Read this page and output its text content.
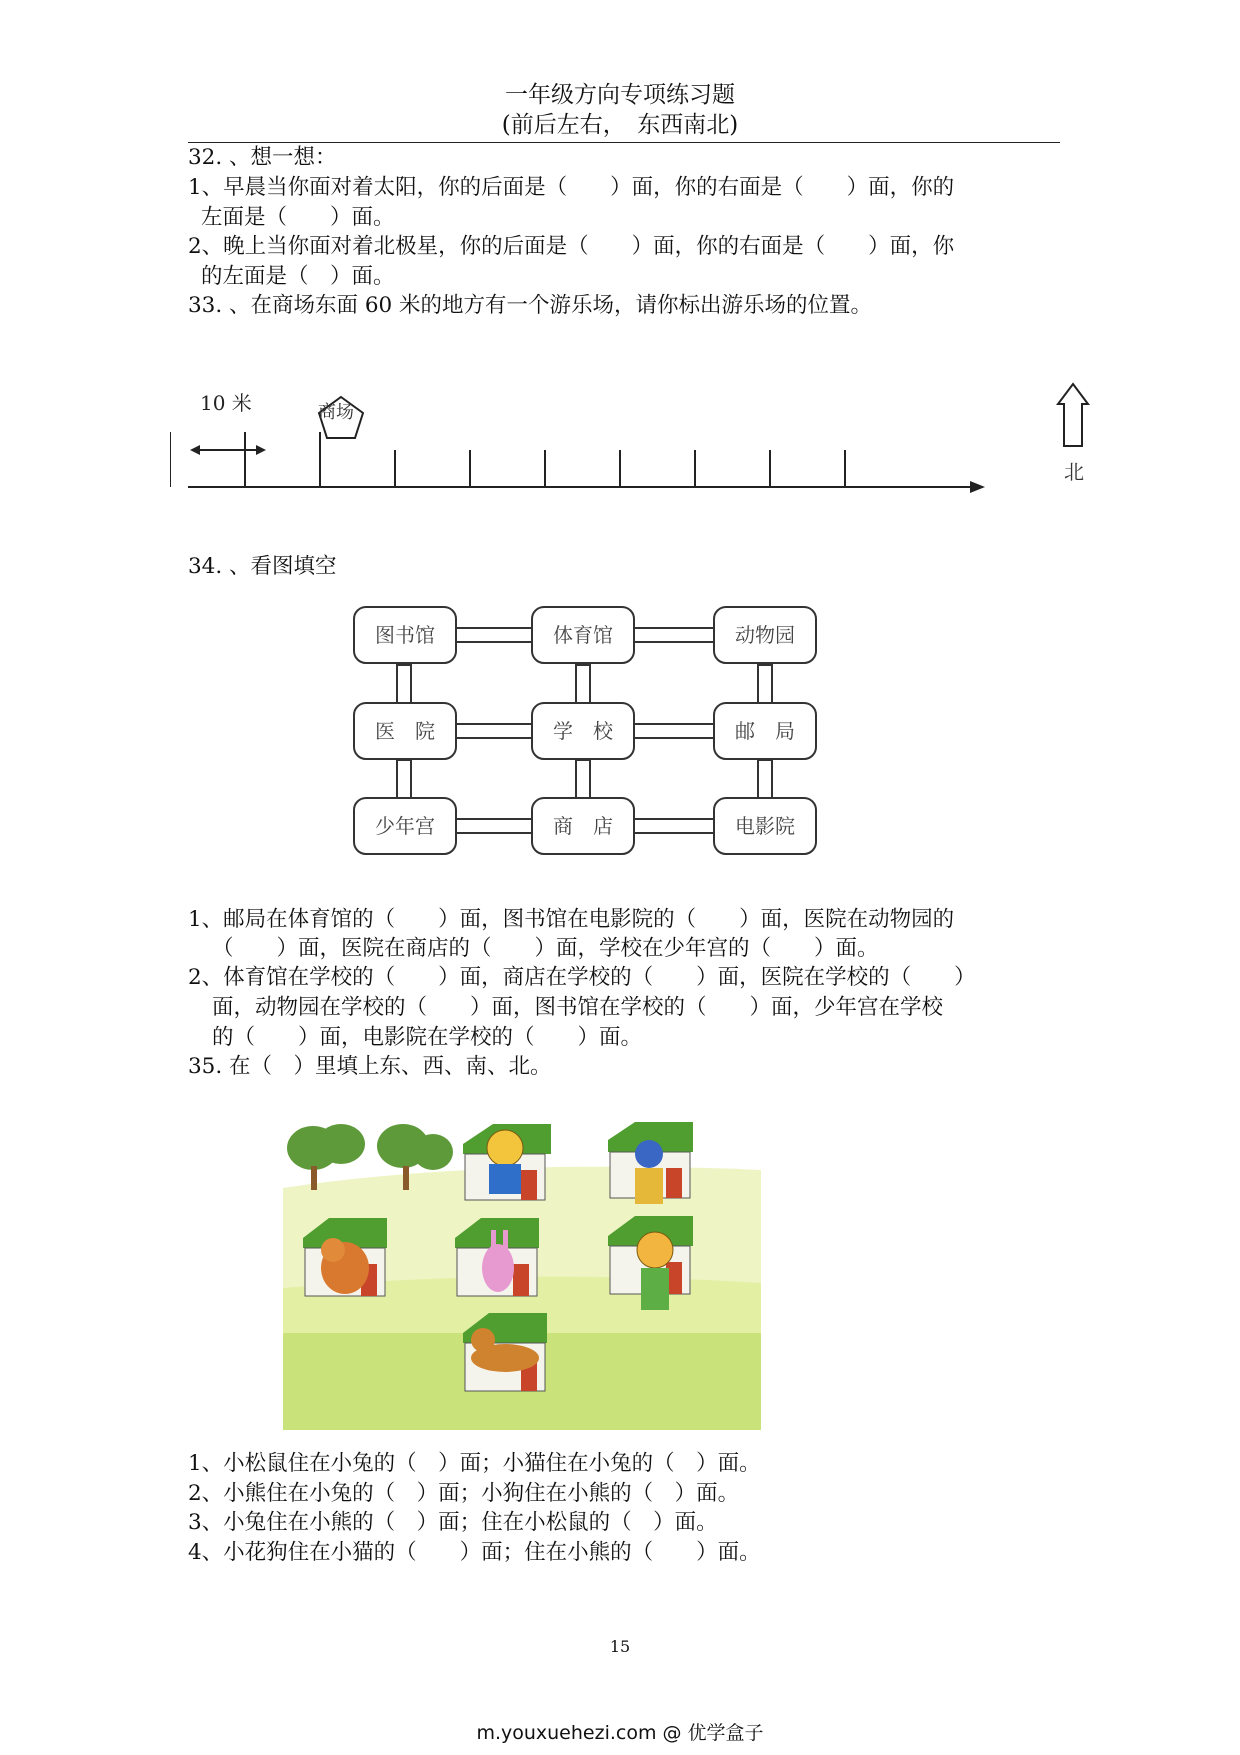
一年级方向专项练习题
(前后左右，　东西南北)
32. 、想一想：
1、早晨当你面对着太阳，你的后面是（　　）面，你的右面是（　　）面，你的
左面是（　　）面。
2、晚上当你面对着北极星，你的后面是（　　）面，你的右面是（　　）面，你
的左面是（　）面。
33. 、在商场东面 60 米的地方有一个游乐场，请你标出游乐场的位置。
10 米	商场
北
34. 、看图填空
图书馆	体育馆	动物园
医　院	学　校	邮　局
少年宫	商　店	电影院
1、邮局在体育馆的（　　）面，图书馆在电影院的（　　）面，医院在动物园的
（　　）面，医院在商店的（　　）面，学校在少年宫的（　　）面。
2、体育馆在学校的（　　）面，商店在学校的（　　）面，医院在学校的（　　）
面，动物园在学校的（　　）面，图书馆在学校的（　　）面，少年宫在学校
的（　　）面，电影院在学校的（　　）面。
35. 在（　）里填上东、西、南、北。
1、小松鼠住在小兔的（　）面；小猫住在小兔的（　）面。
2、小熊住在小兔的（　）面；小狗住在小熊的（　）面。
3、小兔住在小熊的（　）面；住在小松鼠的（　）面。
4、小花狗住在小猫的（　　）面；住在小熊的（　　）面。
15
m.youxuehezi.com @ 优学盒子
